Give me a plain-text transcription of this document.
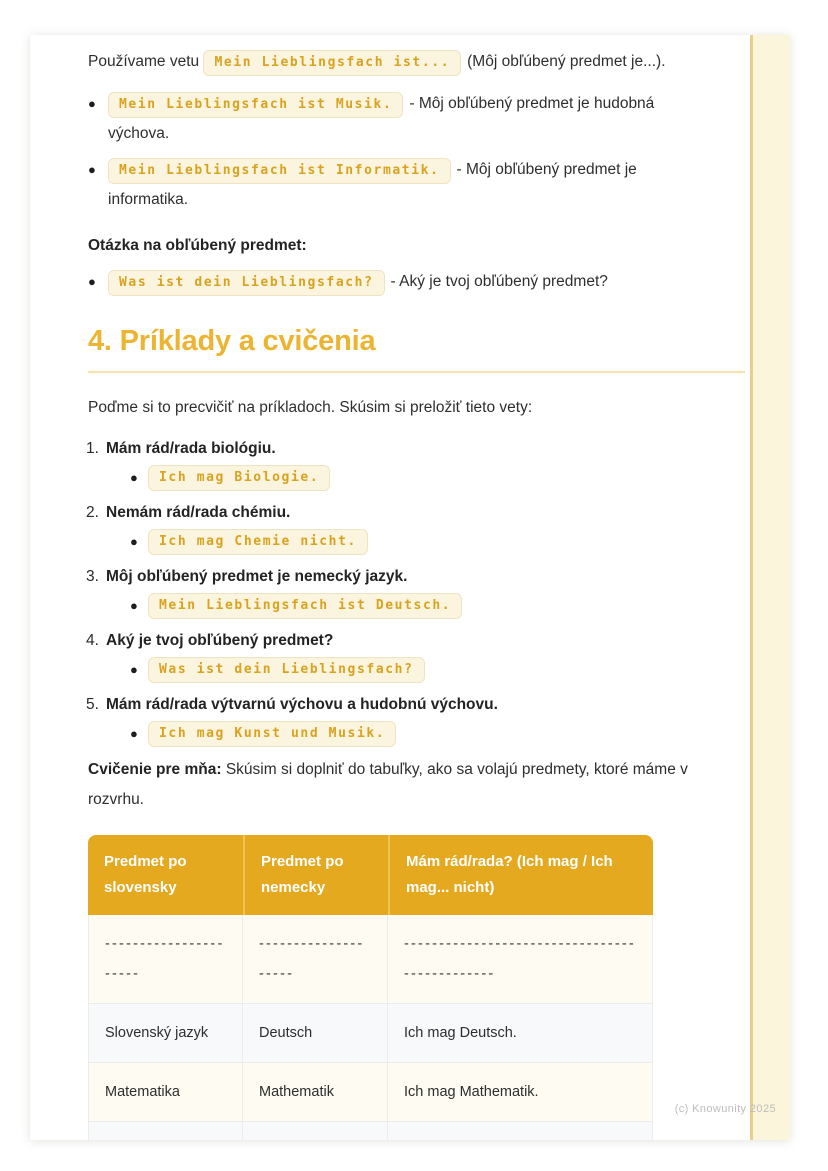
Používame vetu Mein Lieblingsfach ist... (Môj obľúbený predmet je...).

●	Mein Lieblingsfach ist Musik. - Môj obľúbený predmet je hudobná výchova.
●	Mein Lieblingsfach ist Informatik. - Môj obľúbený predmet je informatika.

Otázka na obľúbený predmet:

●	Was ist dein Lieblingsfach? - Aký je tvoj obľúbený predmet?
4. Príklady a cvičenia

Poďme si to precvičiť na príkladoch. Skúsim si preložiť tieto vety:

Mám rád/rada biológiu.
●	Ich mag Biologie.
Nemám rád/rada chémiu.
●	Ich mag Chemie nicht.
Môj obľúbený predmet je nemecký jazyk.
●	Mein Lieblingsfach ist Deutsch.
Aký je tvoj obľúbený predmet?
●	Was ist dein Lieblingsfach?
Mám rád/rada výtvarnú výchovu a hudobnú výchovu.
●	Ich mag Kunst und Musik.

Cvičenie pre mňa: Skúsim si doplniť do tabuľky, ako sa volajú predmety, ktoré máme v rozvrhu.

Predmet po slovensky	Predmet po nemecky	Mám rád/rada? (Ich mag / Ich mag... nicht)
----------------------	--------------------	----------------------------------------------
Slovenský jazyk	Deutsch	Ich mag Deutsch.
Matematika	Mathematik	Ich mag Mathematik.

(c) Knowunity 2025
